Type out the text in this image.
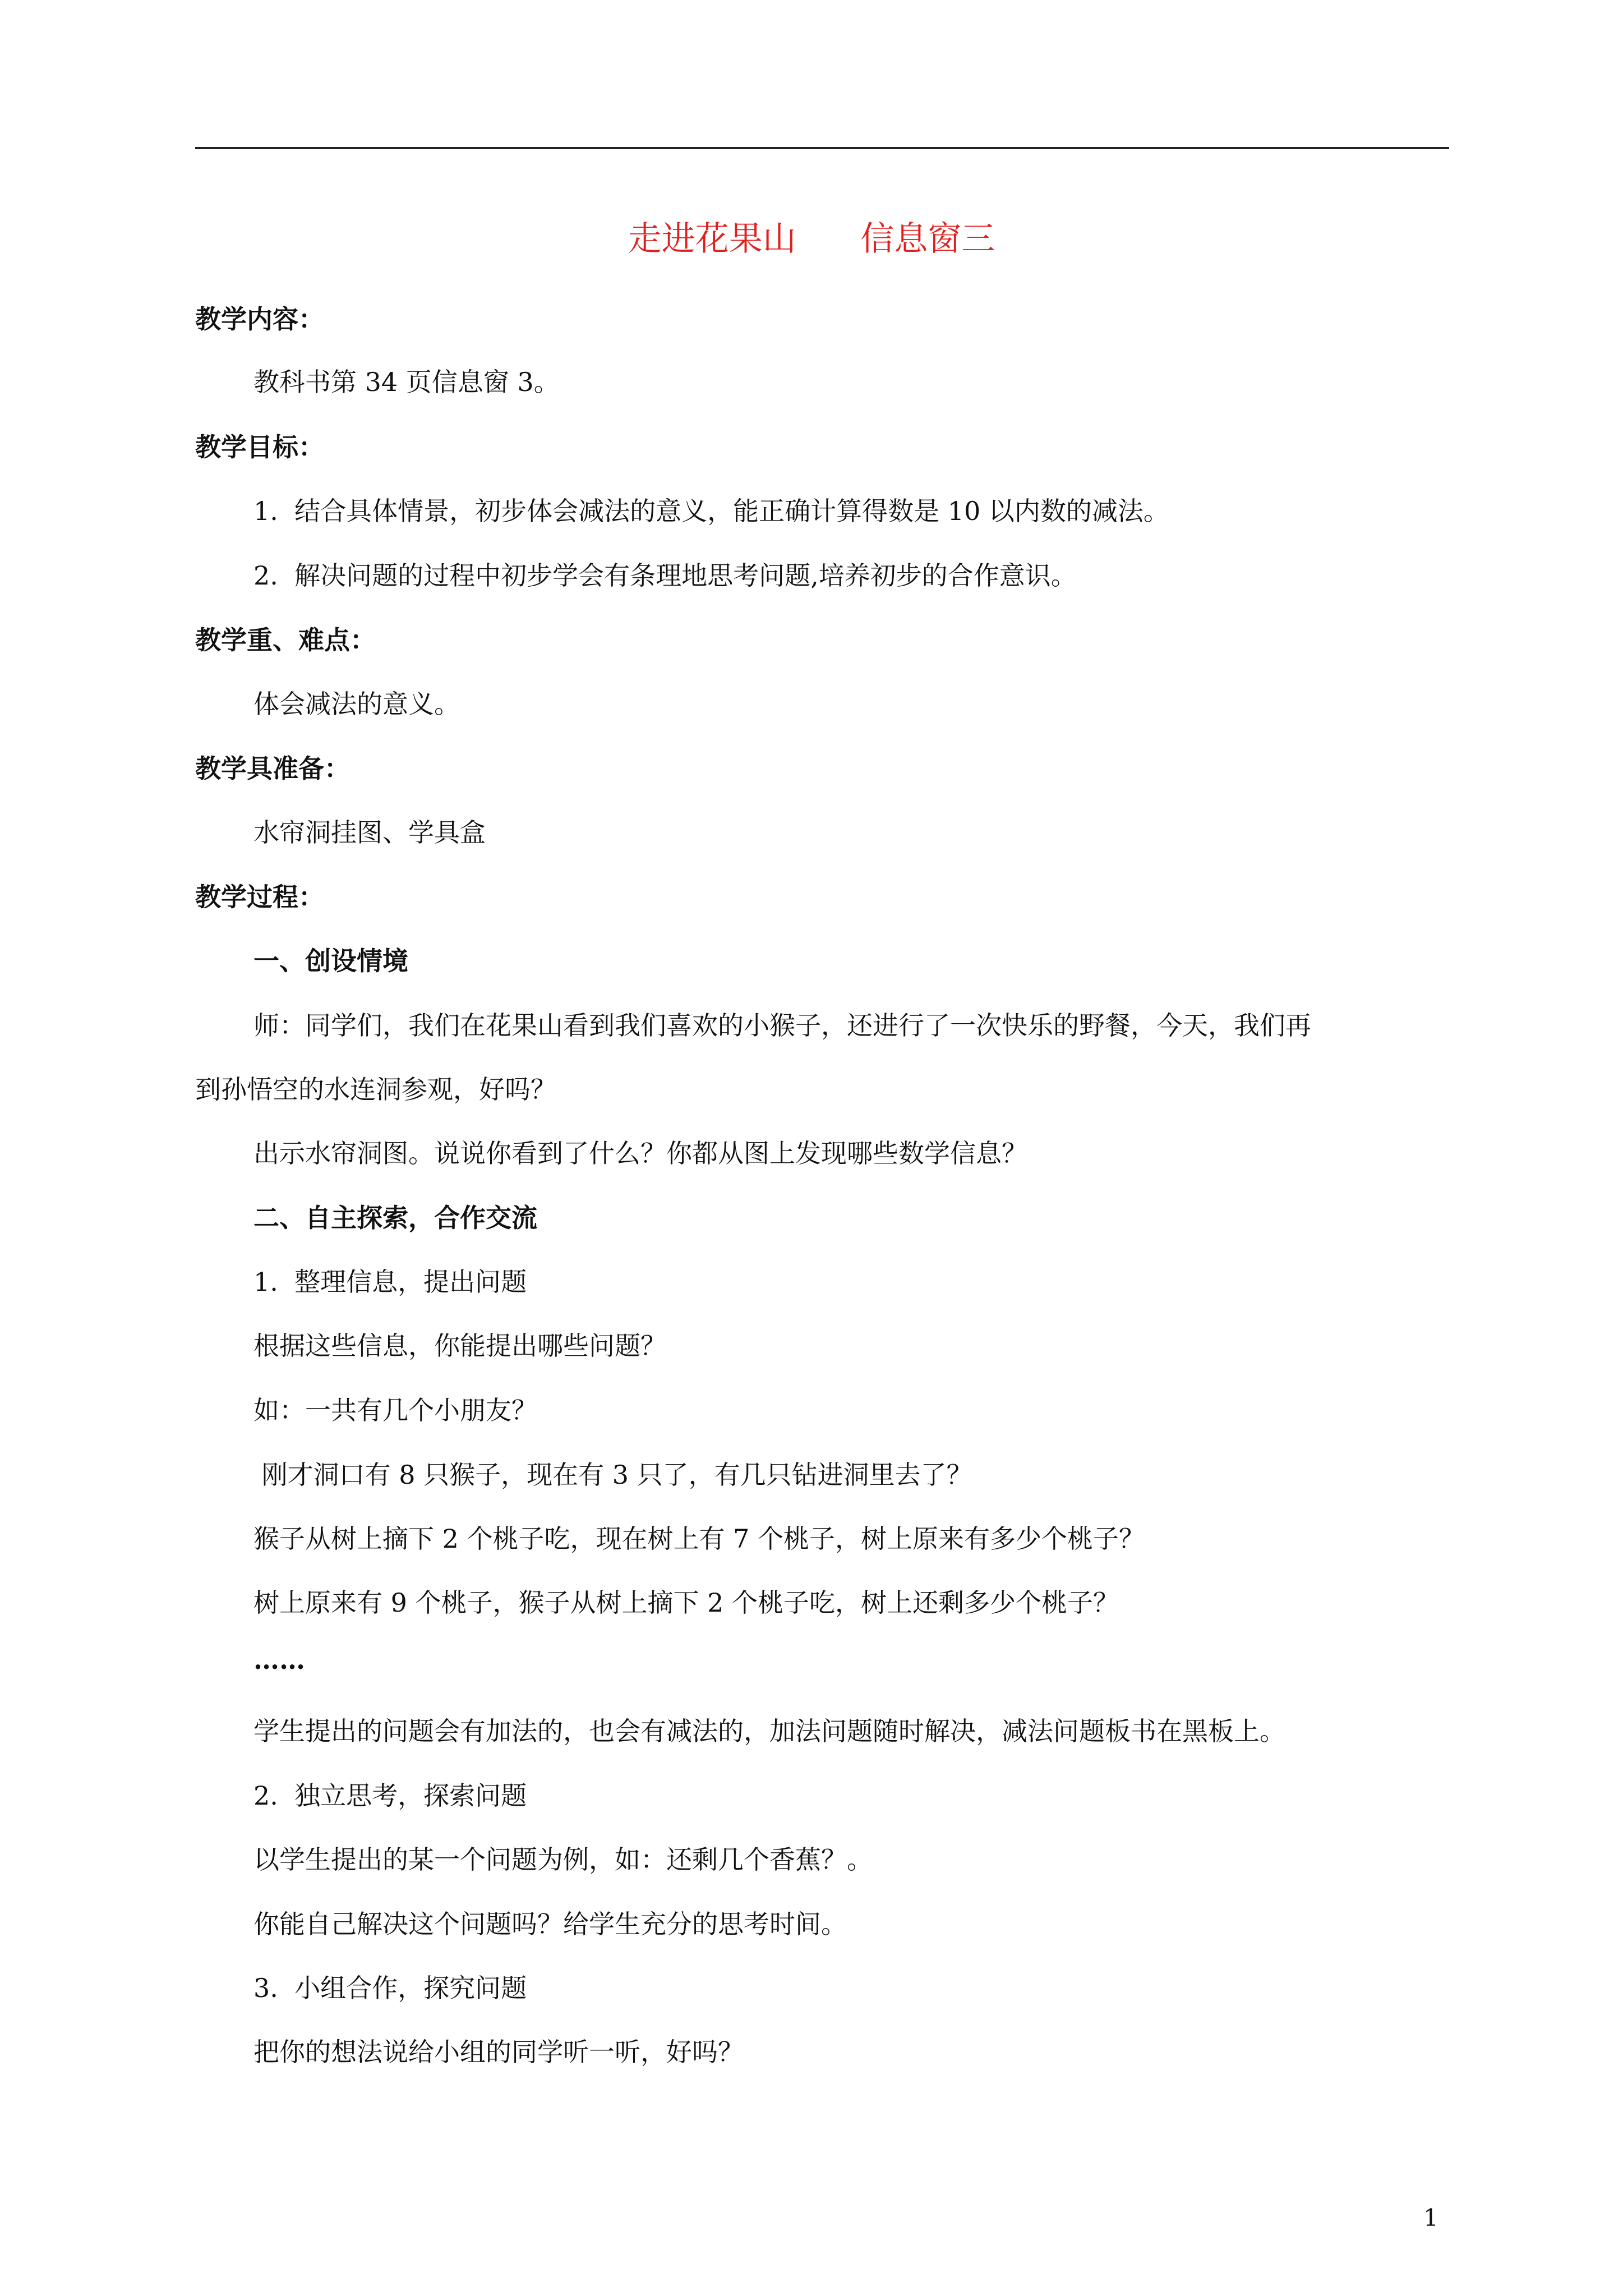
走进花果山      信息窗三
教学内容：
教科书第 34 页信息窗 3。
教学目标：
1.  结合具体情景，初步体会减法的意义，能正确计算得数是 10 以内数的减法。
2.  解决问题的过程中初步学会有条理地思考问题,培养初步的合作意识。
教学重、难点：
体会减法的意义。
教学具准备：
水帘洞挂图、学具盒
教学过程：
一、创设情境
师：同学们，我们在花果山看到我们喜欢的小猴子，还进行了一次快乐的野餐，今天，我们再
到孙悟空的水连洞参观，好吗？
出示水帘洞图。说说你看到了什么？你都从图上发现哪些数学信息？
二、自主探索，合作交流
1.  整理信息，提出问题
根据这些信息，你能提出哪些问题？
如：一共有几个小朋友？
刚才洞口有 8 只猴子，现在有 3 只了，有几只钻进洞里去了？
猴子从树上摘下 2 个桃子吃，现在树上有 7 个桃子，树上原来有多少个桃子？
树上原来有 9 个桃子，猴子从树上摘下 2 个桃子吃，树上还剩多少个桃子？
……
学生提出的问题会有加法的，也会有减法的，加法问题随时解决，减法问题板书在黑板上。
2.  独立思考，探索问题
以学生提出的某一个问题为例，如：还剩几个香蕉？。
你能自己解决这个问题吗？给学生充分的思考时间。
3.  小组合作，探究问题
把你的想法说给小组的同学听一听，好吗？
1
